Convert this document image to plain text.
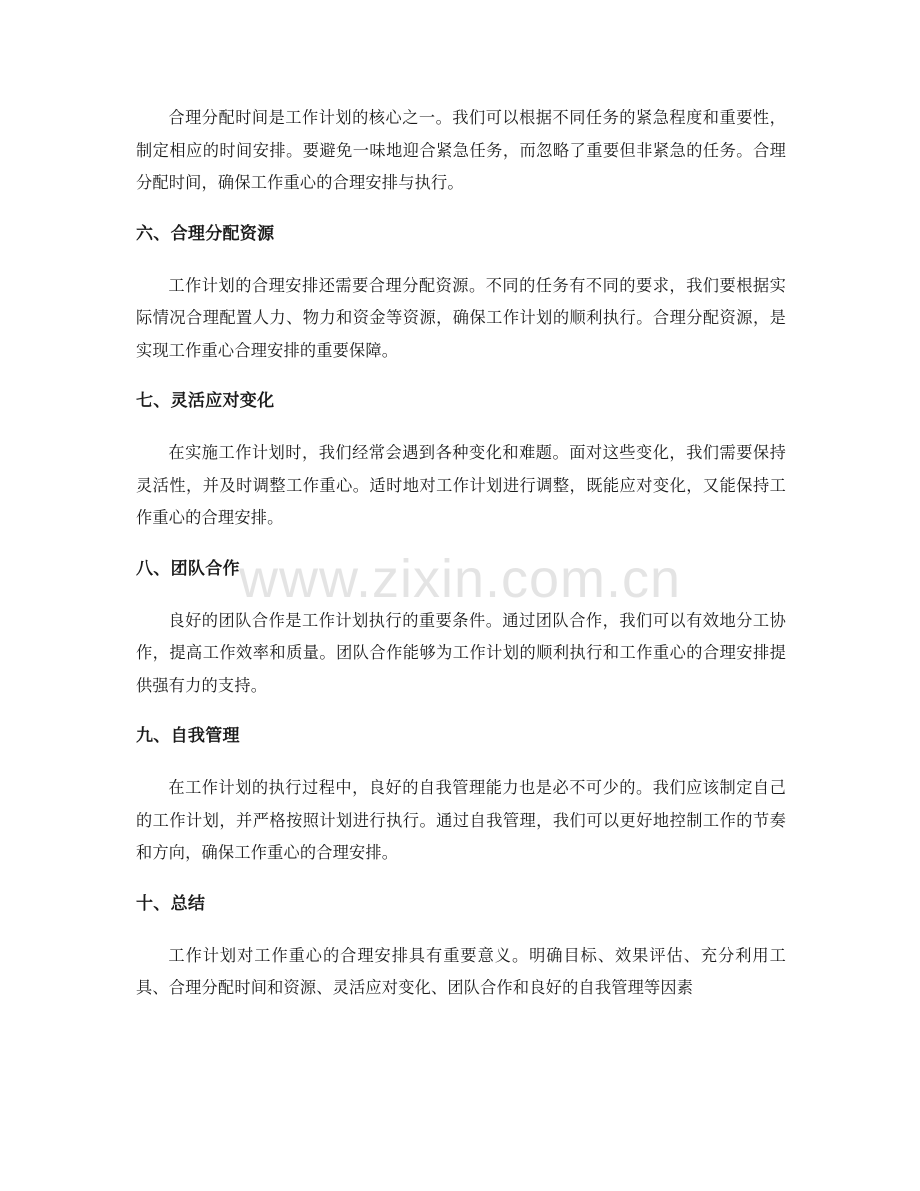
合理分配时间是工作计划的核心之一。我们可以根据不同任务的紧急程度和重要性，制定相应的时间安排。要避免一味地迎合紧急任务，而忽略了重要但非紧急的任务。合理分配时间，确保工作重心的合理安排与执行。

六、合理分配资源

工作计划的合理安排还需要合理分配资源。不同的任务有不同的要求，我们要根据实际情况合理配置人力、物力和资金等资源，确保工作计划的顺利执行。合理分配资源，是实现工作重心合理安排的重要保障。

七、灵活应对变化

在实施工作计划时，我们经常会遇到各种变化和难题。面对这些变化，我们需要保持灵活性，并及时调整工作重心。适时地对工作计划进行调整，既能应对变化，又能保持工作重心的合理安排。

八、团队合作

良好的团队合作是工作计划执行的重要条件。通过团队合作，我们可以有效地分工协作，提高工作效率和质量。团队合作能够为工作计划的顺利执行和工作重心的合理安排提供强有力的支持。

九、自我管理

在工作计划的执行过程中，良好的自我管理能力也是必不可少的。我们应该制定自己的工作计划，并严格按照计划进行执行。通过自我管理，我们可以更好地控制工作的节奏和方向，确保工作重心的合理安排。

十、总结

工作计划对工作重心的合理安排具有重要意义。明确目标、效果评估、充分利用工具、合理分配时间和资源、灵活应对变化、团队合作和良好的自我管理等因素

www.zixin.com.cn
